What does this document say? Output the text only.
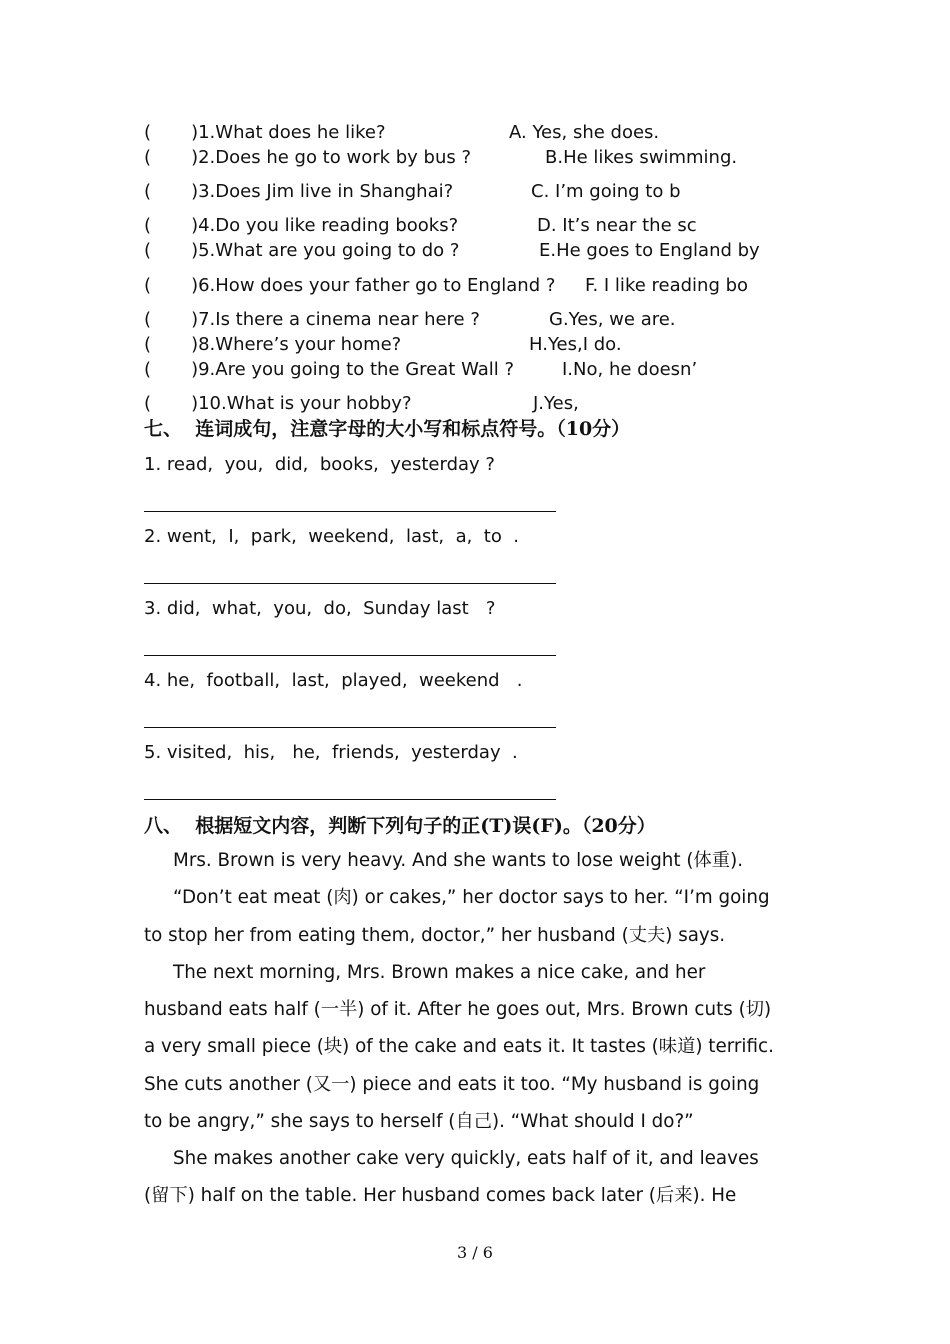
(       )1.What does he like?	A. Yes, she does.
(       )2.Does he go to work by bus ?	B.He likes swimming.
(       )3.Does Jim live in Shanghai?	C. I’m going to b
(       )4.Do you like reading books?	D. It’s near the sc
(       )5.What are you going to do ?	E.He goes to England by
(       )6.How does your father go to England ? F. I like reading bo
(       )7.Is there a cinema near here ?	G.Yes, we are.
(       )8.Where’s your home?	H.Yes,I do.
(       )9.Are you going to the Great Wall ?	I.No, he doesn’
(       )10.What is your hobby?	J.Yes,
七、  连词成句，注意字母的大小写和标点符号。（10分）
1. read,  you,  did,  books,  yesterday ?
2. went,  I,  park,  weekend,  last,  a,  to  .
3. did,  what,  you,  do,  Sunday last   ?
4. he,  football,  last,  played,  weekend   .
5. visited,  his,   he,  friends,  yesterday  .
八、  根据短文内容，判断下列句子的正(T)误(F)。（20分）
Mrs. Brown is very heavy. And she wants to lose weight (体重).
“Don’t eat meat (肉) or cakes,” her doctor says to her. “I’m going
to stop her from eating them, doctor,” her husband (丈夫) says.
The next morning, Mrs. Brown makes a nice cake, and her
husband eats half (一半) of it. After he goes out, Mrs. Brown cuts (切)
a very small piece (块) of the cake and eats it. It tastes (味道) terrific.
She cuts another (又一) piece and eats it too. “My husband is going
to be angry,” she says to herself (自己). “What should I do?”
She makes another cake very quickly, eats half of it, and leaves
(留下) half on the table. Her husband comes back later (后来). He
3 / 6
